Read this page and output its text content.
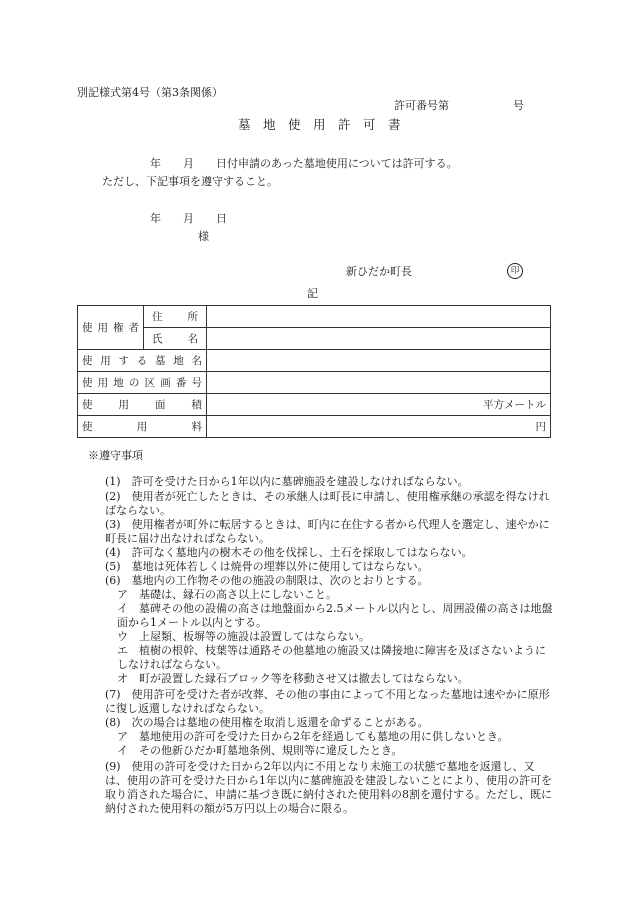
別記様式第4号（第3条関係）
許可番号第	号
墓　地　使　用　許　可　書
年　　月　　日付申請のあった墓地使用については許可する。
ただし、下記事項を遵守すること。
年　　月　　日
様
新ひだか町長	印
記
使用権者	住　所	
	氏　名	
使用する墓地名		
使用地の区画番号		
使用面積		平方メートル
使用料		円
※遵守事項
(1)　許可を受けた日から1年以内に墓碑施設を建設しなければならない。
(2)　使用者が死亡したときは、その承継人は町長に申請し、使用権承継の承認を得なければならない。
(3)　使用権者が町外に転居するときは、町内に在住する者から代理人を選定し、速やかに町長に届け出なければならない。
(4)　許可なく墓地内の樹木その他を伐採し、土石を採取してはならない。
(5)　墓地は死体若しくは焼骨の埋葬以外に使用してはならない。
(6)　墓地内の工作物その他の施設の制限は、次のとおりとする。
ア　基礎は、縁石の高さ以上にしないこと。
イ　墓碑その他の設備の高さは地盤面から2.5メートル以内とし、周囲設備の高さは地盤面から1メートル以内とする。
ウ　上屋類、板塀等の施設は設置してはならない。
エ　植樹の根幹、枝葉等は通路その他墓地の施設又は隣接地に障害を及ぼさないようにしなければならない。
オ　町が設置した縁石ブロック等を移動させ又は撤去してはならない。
(7)　使用許可を受けた者が改葬、その他の事由によって不用となった墓地は速やかに原形に復し返還しなければならない。
(8)　次の場合は墓地の使用権を取消し返還を命ずることがある。
ア　墓地使用の許可を受けた日から2年を経過しても墓地の用に供しないとき。
イ　その他新ひだか町墓地条例、規則等に違反したとき。
(9)　使用の許可を受けた日から2年以内に不用となり未施工の状態で墓地を返還し、又は、使用の許可を受けた日から1年以内に墓碑施設を建設しないことにより、使用の許可を取り消された場合に、申請に基づき既に納付された使用料の8割を還付する。ただし、既に納付された使用料の額が5万円以上の場合に限る。
